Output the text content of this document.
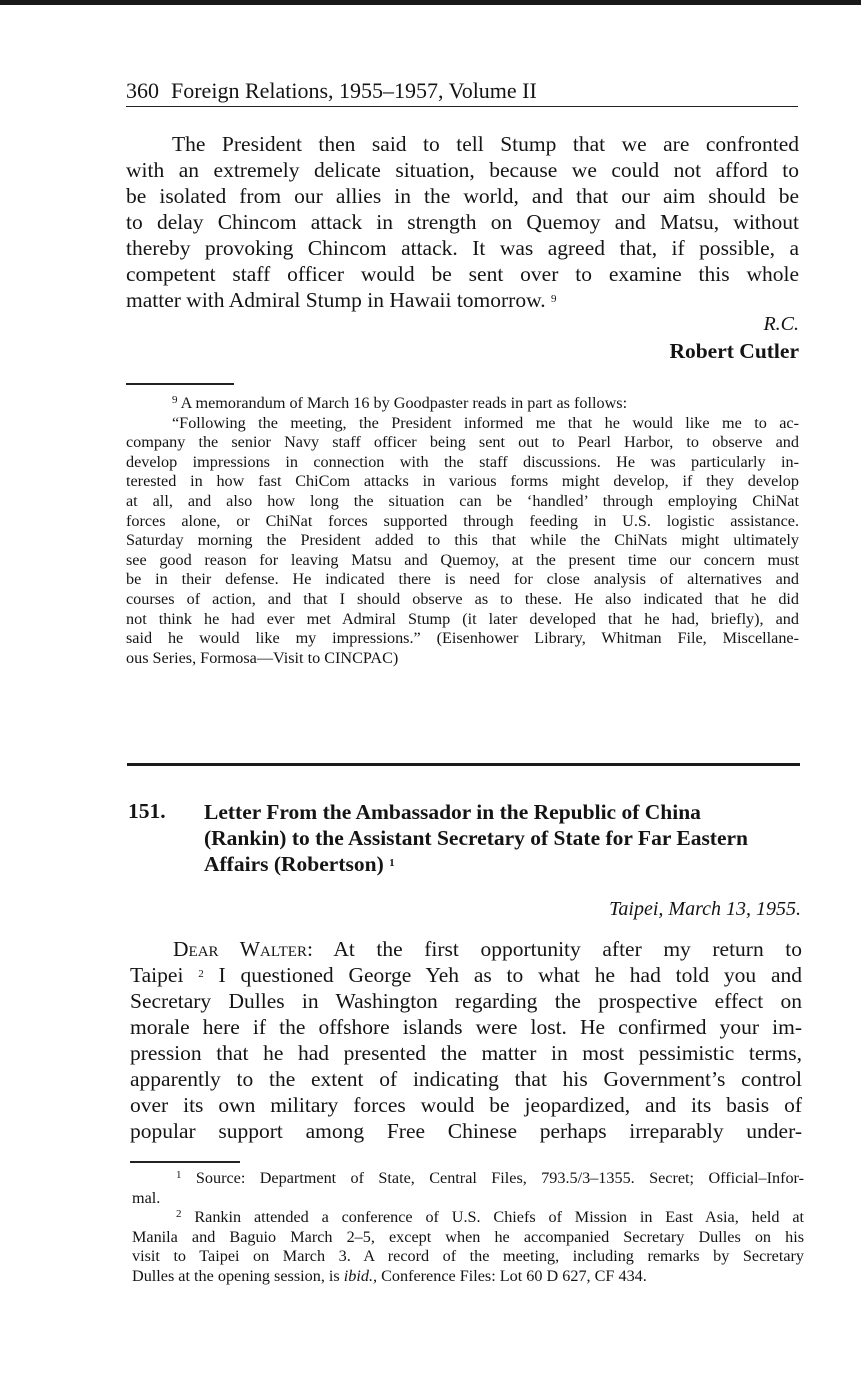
360 Foreign Relations, 1955–1957, Volume II
The President then said to tell Stump that we are confronted
with an extremely delicate situation, because we could not afford to
be isolated from our allies in the world, and that our aim should be
to delay Chincom attack in strength on Quemoy and Matsu, without
thereby provoking Chincom attack. It was agreed that, if possible, a
competent staff officer would be sent over to examine this whole
matter with Admiral Stump in Hawaii tomorrow. $^9$
R.C.
Robert Cutler
$^9$ A memorandum of March 16 by Goodpaster reads in part as follows:
“Following the meeting, the President informed me that he would like me to ac-
company the senior Navy staff officer being sent out to Pearl Harbor, to observe and
develop impressions in connection with the staff discussions. He was particularly in-
terested in how fast ChiCom attacks in various forms might develop, if they develop
at all, and also how long the situation can be ‘handled’ through employing ChiNat
forces alone, or ChiNat forces supported through feeding in U.S. logistic assistance.
Saturday morning the President added to this that while the ChiNats might ultimately
see good reason for leaving Matsu and Quemoy, at the present time our concern must
be in their defense. He indicated there is need for close analysis of alternatives and
courses of action, and that I should observe as to these. He also indicated that he did
not think he had ever met Admiral Stump (it later developed that he had, briefly), and
said he would like my impressions.” (Eisenhower Library, Whitman File, Miscellane-
ous Series, Formosa—Visit to CINCPAC)
151. Letter From the Ambassador in the Republic of China
(Rankin) to the Assistant Secretary of State for Far Eastern
Affairs (Robertson) $^1$
Taipei, March 13, 1955.
Dear Walter: At the first opportunity after my return to
Taipei $^2$ I questioned George Yeh as to what he had told you and
Secretary Dulles in Washington regarding the prospective effect on
morale here if the offshore islands were lost. He confirmed your im-
pression that he had presented the matter in most pessimistic terms,
apparently to the extent of indicating that his Government’s control
over its own military forces would be jeopardized, and its basis of
popular support among Free Chinese perhaps irreparably under-
$^1$ Source: Department of State, Central Files, 793.5/3–1355. Secret; Official–Infor-
mal.
$^2$ Rankin attended a conference of U.S. Chiefs of Mission in East Asia, held at
Manila and Baguio March 2–5, except when he accompanied Secretary Dulles on his
visit to Taipei on March 3. A record of the meeting, including remarks by Secretary
Dulles at the opening session, is ibid., Conference Files: Lot 60 D 627, CF 434.
